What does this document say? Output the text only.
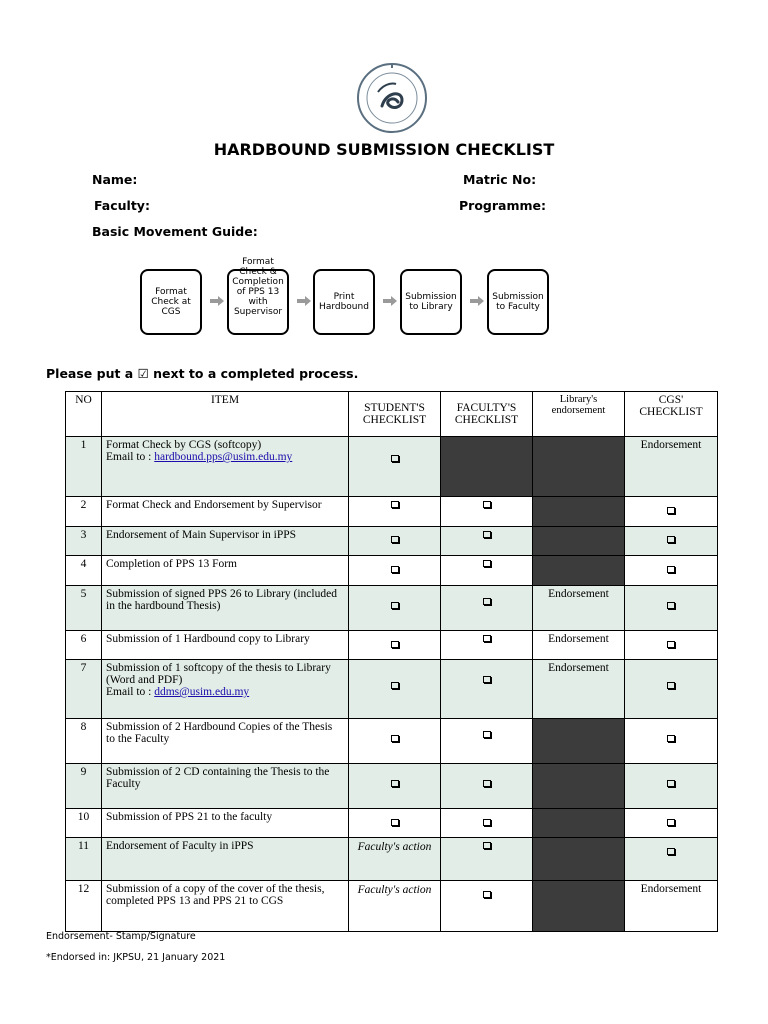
HARDBOUND SUBMISSION CHECKLIST
Name:	Matric No:
Faculty:	Programme:
Basic Movement Guide:
Format Check at CGS
Format Check & Completion of PPS 13 with Supervisor
Print Hardbound
Submission to Library
Submission to Faculty
Please put a ☑ next to a completed process.
NO	ITEM	STUDENT'S CHECKLIST	FACULTY'S CHECKLIST	Library's endorsement	CGS' CHECKLIST
1	Format Check by CGS (softcopy)
Email to : hardbound.pps@usim.edu.my				Endorsement
2	Format Check and Endorsement by Supervisor				
3	Endorsement of Main Supervisor in iPPS				
4	Completion of PPS 13 Form				
5	Submission of signed PPS 26 to Library (included in the hardbound Thesis)			Endorsement	
6	Submission of 1 Hardbound copy to Library			Endorsement	
7	Submission of 1 softcopy of the thesis to Library (Word and PDF)
Email to : ddms@usim.edu.my			Endorsement	
8	Submission of 2 Hardbound Copies of the Thesis to the Faculty				
9	Submission of 2 CD containing the Thesis to the Faculty				
10	Submission of PPS 21 to the faculty				
11	Endorsement of Faculty in iPPS	Faculty's action			
12	Submission of a copy of the cover of the thesis, completed PPS 13 and PPS 21 to CGS	Faculty's action			Endorsement
Endorsement- Stamp/Signature
*Endorsed in: JKPSU, 21 January 2021
